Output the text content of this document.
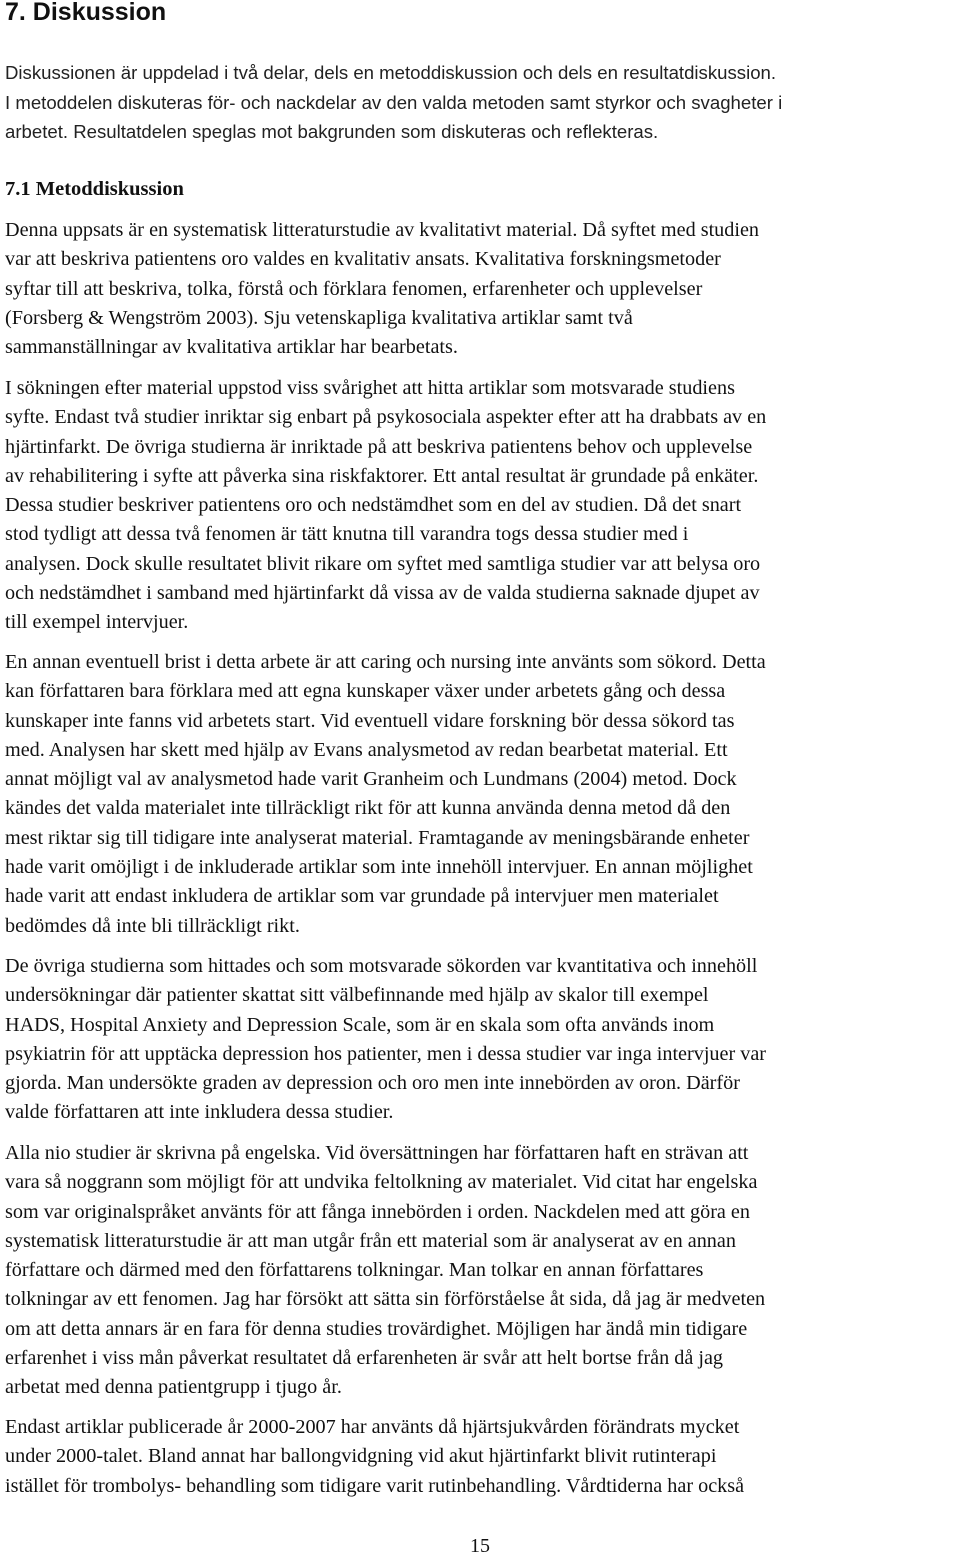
7. Diskussion

Diskussionen är uppdelad i två delar, dels en metoddiskussion och dels en resultatdiskussion.
I metoddelen diskuteras för- och nackdelar av den valda metoden samt styrkor och svagheter i
arbetet. Resultatdelen speglas mot bakgrunden som diskuteras och reflekteras.

7.1 Metoddiskussion

Denna uppsats är en systematisk litteraturstudie av kvalitativt material. Då syftet med studien
var att beskriva patientens oro valdes en kvalitativ ansats. Kvalitativa forskningsmetoder
syftar till att beskriva, tolka, förstå och förklara fenomen, erfarenheter och upplevelser
(Forsberg & Wengström 2003). Sju vetenskapliga kvalitativa artiklar samt två
sammanställningar av kvalitativa artiklar har bearbetats.

I sökningen efter material uppstod viss svårighet att hitta artiklar som motsvarade studiens
syfte. Endast två studier inriktar sig enbart på psykosociala aspekter efter att ha drabbats av en
hjärtinfarkt. De övriga studierna är inriktade på att beskriva patientens behov och upplevelse
av rehabilitering i syfte att påverka sina riskfaktorer. Ett antal resultat är grundade på enkäter.
Dessa studier beskriver patientens oro och nedstämdhet som en del av studien. Då det snart
stod tydligt att dessa två fenomen är tätt knutna till varandra togs dessa studier med i
analysen. Dock skulle resultatet blivit rikare om syftet med samtliga studier var att belysa oro
och nedstämdhet i samband med hjärtinfarkt då vissa av de valda studierna saknade djupet av
till exempel intervjuer.

En annan eventuell brist i detta arbete är att caring och nursing inte använts som sökord. Detta
kan författaren bara förklara med att egna kunskaper växer under arbetets gång och dessa
kunskaper inte fanns vid arbetets start. Vid eventuell vidare forskning bör dessa sökord tas
med. Analysen har skett med hjälp av Evans analysmetod av redan bearbetat material. Ett
annat möjligt val av analysmetod hade varit Granheim och Lundmans (2004) metod. Dock
kändes det valda materialet inte tillräckligt rikt för att kunna använda denna metod då den
mest riktar sig till tidigare inte analyserat material. Framtagande av meningsbärande enheter
hade varit omöjligt i de inkluderade artiklar som inte innehöll intervjuer. En annan möjlighet
hade varit att endast inkludera de artiklar som var grundade på intervjuer men materialet
bedömdes då inte bli tillräckligt rikt.

De övriga studierna som hittades och som motsvarade sökorden var kvantitativa och innehöll
undersökningar där patienter skattat sitt välbefinnande med hjälp av skalor till exempel
HADS, Hospital Anxiety and Depression Scale, som är en skala som ofta används inom
psykiatrin för att upptäcka depression hos patienter, men i dessa studier var inga intervjuer var
gjorda. Man undersökte graden av depression och oro men inte innebörden av oron. Därför
valde författaren att inte inkludera dessa studier.

Alla nio studier är skrivna på engelska. Vid översättningen har författaren haft en strävan att
vara så noggrann som möjligt för att undvika feltolkning av materialet. Vid citat har engelska
som var originalspråket använts för att fånga innebörden i orden. Nackdelen med att göra en
systematisk litteraturstudie är att man utgår från ett material som är analyserat av en annan
författare och därmed med den författarens tolkningar. Man tolkar en annan författares
tolkningar av ett fenomen. Jag har försökt att sätta sin förförståelse åt sida, då jag är medveten
om att detta annars är en fara för denna studies trovärdighet. Möjligen har ändå min tidigare
erfarenhet i viss mån påverkat resultatet då erfarenheten är svår att helt bortse från då jag
arbetat med denna patientgrupp i tjugo år.

Endast artiklar publicerade år 2000-2007 har använts då hjärtsjukvården förändrats mycket
under 2000-talet. Bland annat har ballongvidgning vid akut hjärtinfarkt blivit rutinterapi
istället för trombolys- behandling som tidigare varit rutinbehandling. Vårdtiderna har också

15
